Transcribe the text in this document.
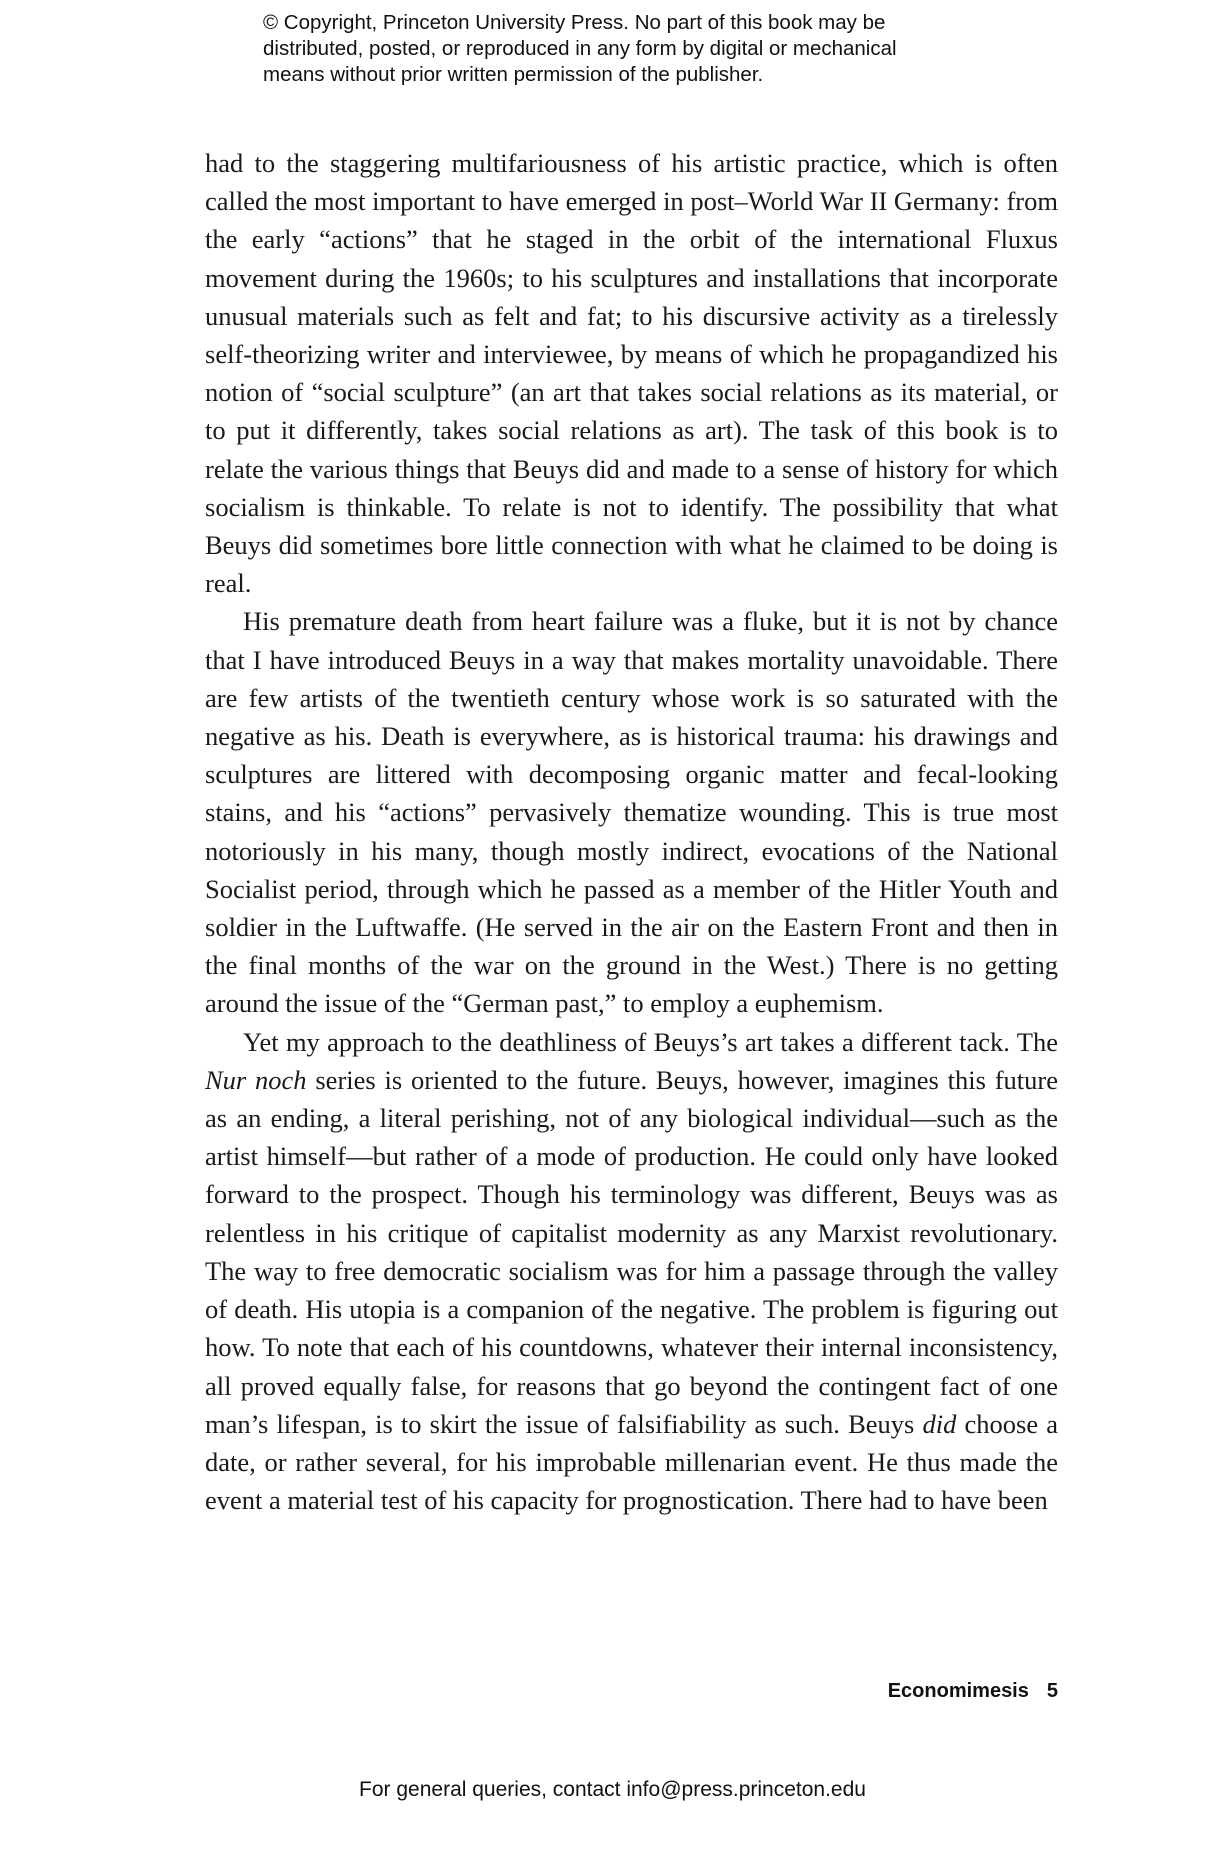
© Copyright, Princeton University Press. No part of this book may be

distributed, posted, or reproduced in any form by digital or mechanical

means without prior written permission of the publisher.

had to the staggering multifariousness of his artistic practice, which is often called the most important to have emerged in post–World War II Germany: from the early “actions” that he staged in the orbit of the international Fluxus movement during the 1960s; to his sculptures and installations that incorporate unusual materials such as felt and fat; to his discursive activity as a tirelessly self-theorizing writer and interviewee, by means of which he propagandized his notion of “social sculpture” (an art that takes social relations as its material, or to put it differently, takes social relations as art). The task of this book is to relate the various things that Beuys did and made to a sense of history for which socialism is thinkable. To relate is not to identify. The possibility that what Beuys did sometimes bore little connection with what he claimed to be doing is real.

His premature death from heart failure was a fluke, but it is not by chance that I have introduced Beuys in a way that makes mortality unavoidable. There are few artists of the twentieth century whose work is so saturated with the negative as his. Death is everywhere, as is historical trauma: his drawings and sculptures are littered with decomposing organic matter and fecal-looking stains, and his “actions” pervasively thematize wounding. This is true most notoriously in his many, though mostly indirect, evocations of the National Socialist period, through which he passed as a member of the Hitler Youth and soldier in the Luftwaffe. (He served in the air on the Eastern Front and then in the final months of the war on the ground in the West.) There is no getting around the issue of the “German past,” to employ a euphemism.

Yet my approach to the deathliness of Beuys’s art takes a different tack. The Nur noch series is oriented to the future. Beuys, however, imagines this future as an ending, a literal perishing, not of any biological individual—such as the artist himself—but rather of a mode of production. He could only have looked forward to the prospect. Though his terminology was different, Beuys was as relentless in his critique of capitalist modernity as any Marxist revolutionary. The way to free democratic socialism was for him a passage through the valley of death. His utopia is a companion of the negative. The problem is figuring out how. To note that each of his countdowns, whatever their internal inconsistency, all proved equally false, for reasons that go beyond the contingent fact of one man’s lifespan, is to skirt the issue of falsifiability as such. Beuys did choose a date, or rather several, for his improbable millenarian event. He thus made the event a material test of his capacity for prognostication. There had to have been

Economimesis 5
For general queries, contact info@press.princeton.edu
